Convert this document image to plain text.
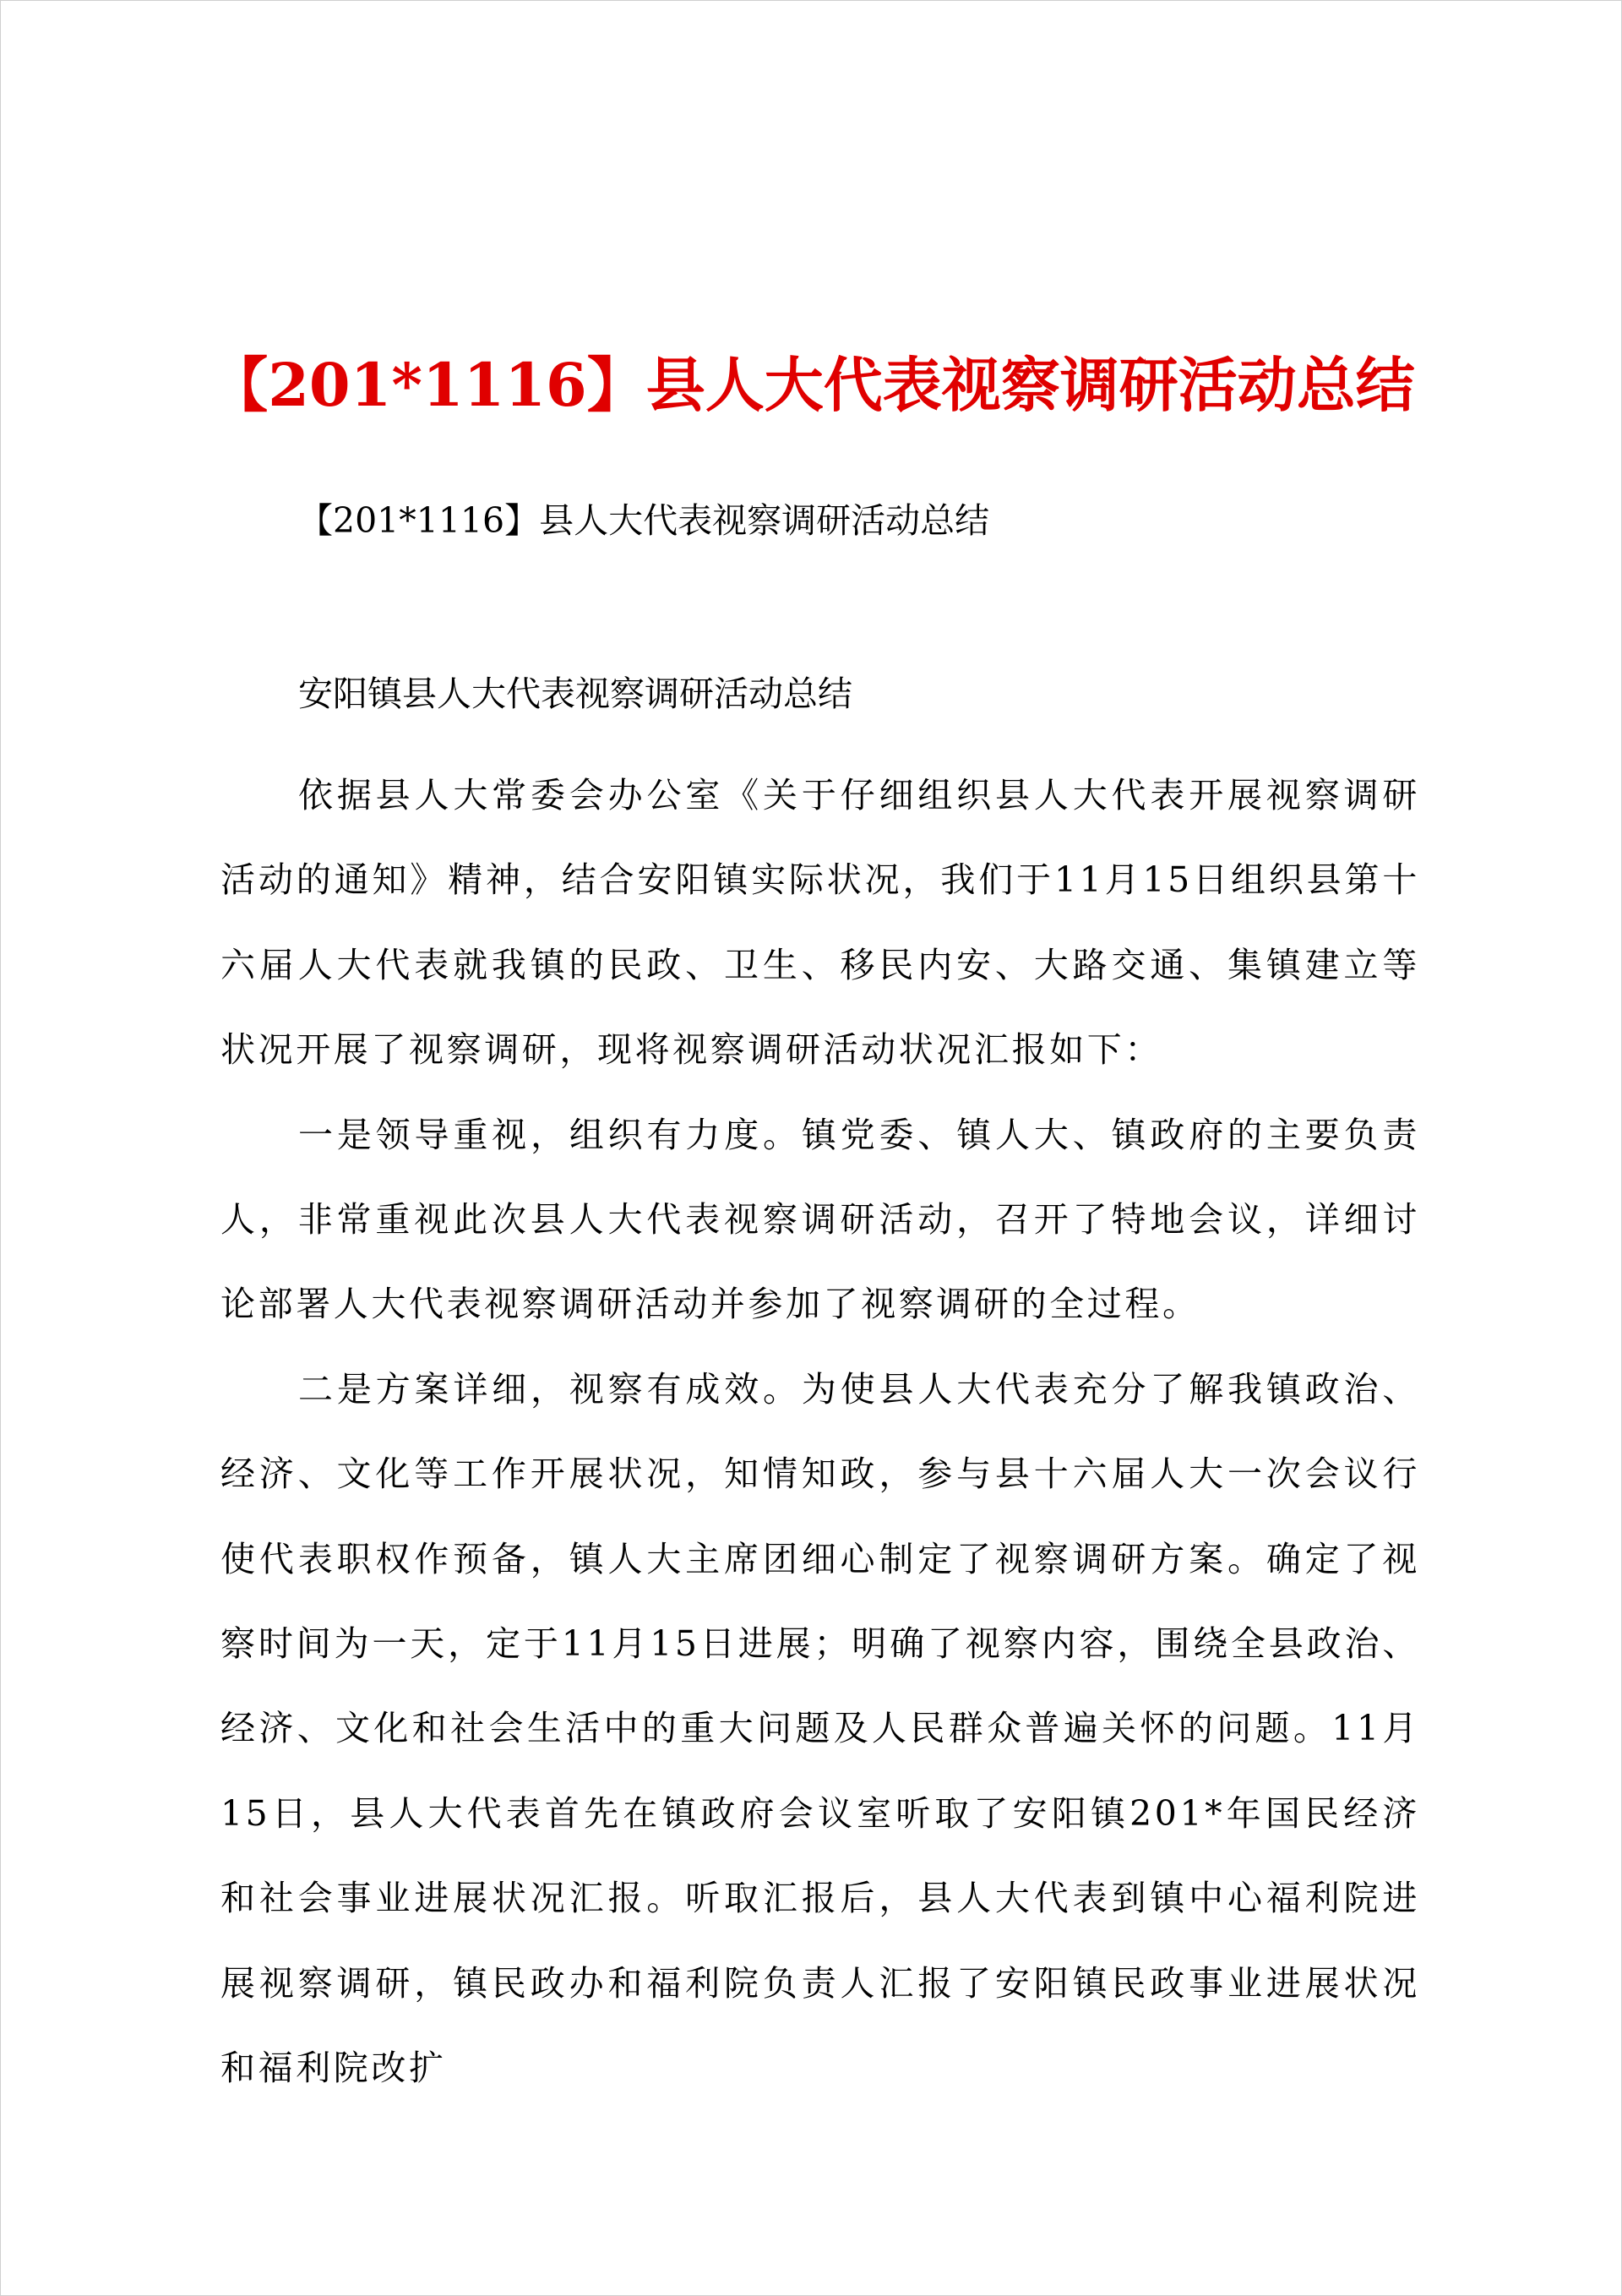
【201*1116】县人大代表视察调研活动总结
【201*1116】县人大代表视察调研活动总结
安阳镇县人大代表视察调研活动总结

依据县人大常委会办公室《关于仔细组织县人大代表开展视察调研活动的通知》精神，结合安阳镇实际状况，我们于11月15日组织县第十六届人大代表就我镇的民政、卫生、移民内安、大路交通、集镇建立等状况开展了视察调研，现将视察调研活动状况汇报如下：

一是领导重视，组织有力度。镇党委、镇人大、镇政府的主要负责人，非常重视此次县人大代表视察调研活动，召开了特地会议，详细讨论部署人大代表视察调研活动并参加了视察调研的全过程。

二是方案详细，视察有成效。为使县人大代表充分了解我镇政治、经济、文化等工作开展状况，知情知政，参与县十六届人大一次会议行使代表职权作预备，镇人大主席团细心制定了视察调研方案。确定了视察时间为一天，定于11月15日进展；明确了视察内容，围绕全县政治、经济、文化和社会生活中的重大问题及人民群众普遍关怀的问题。11月15日，县人大代表首先在镇政府会议室听取了安阳镇201*年国民经济和社会事业进展状况汇报。听取汇报后，县人大代表到镇中心福利院进展视察调研，镇民政办和福利院负责人汇报了安阳镇民政事业进展状况和福利院改扩
